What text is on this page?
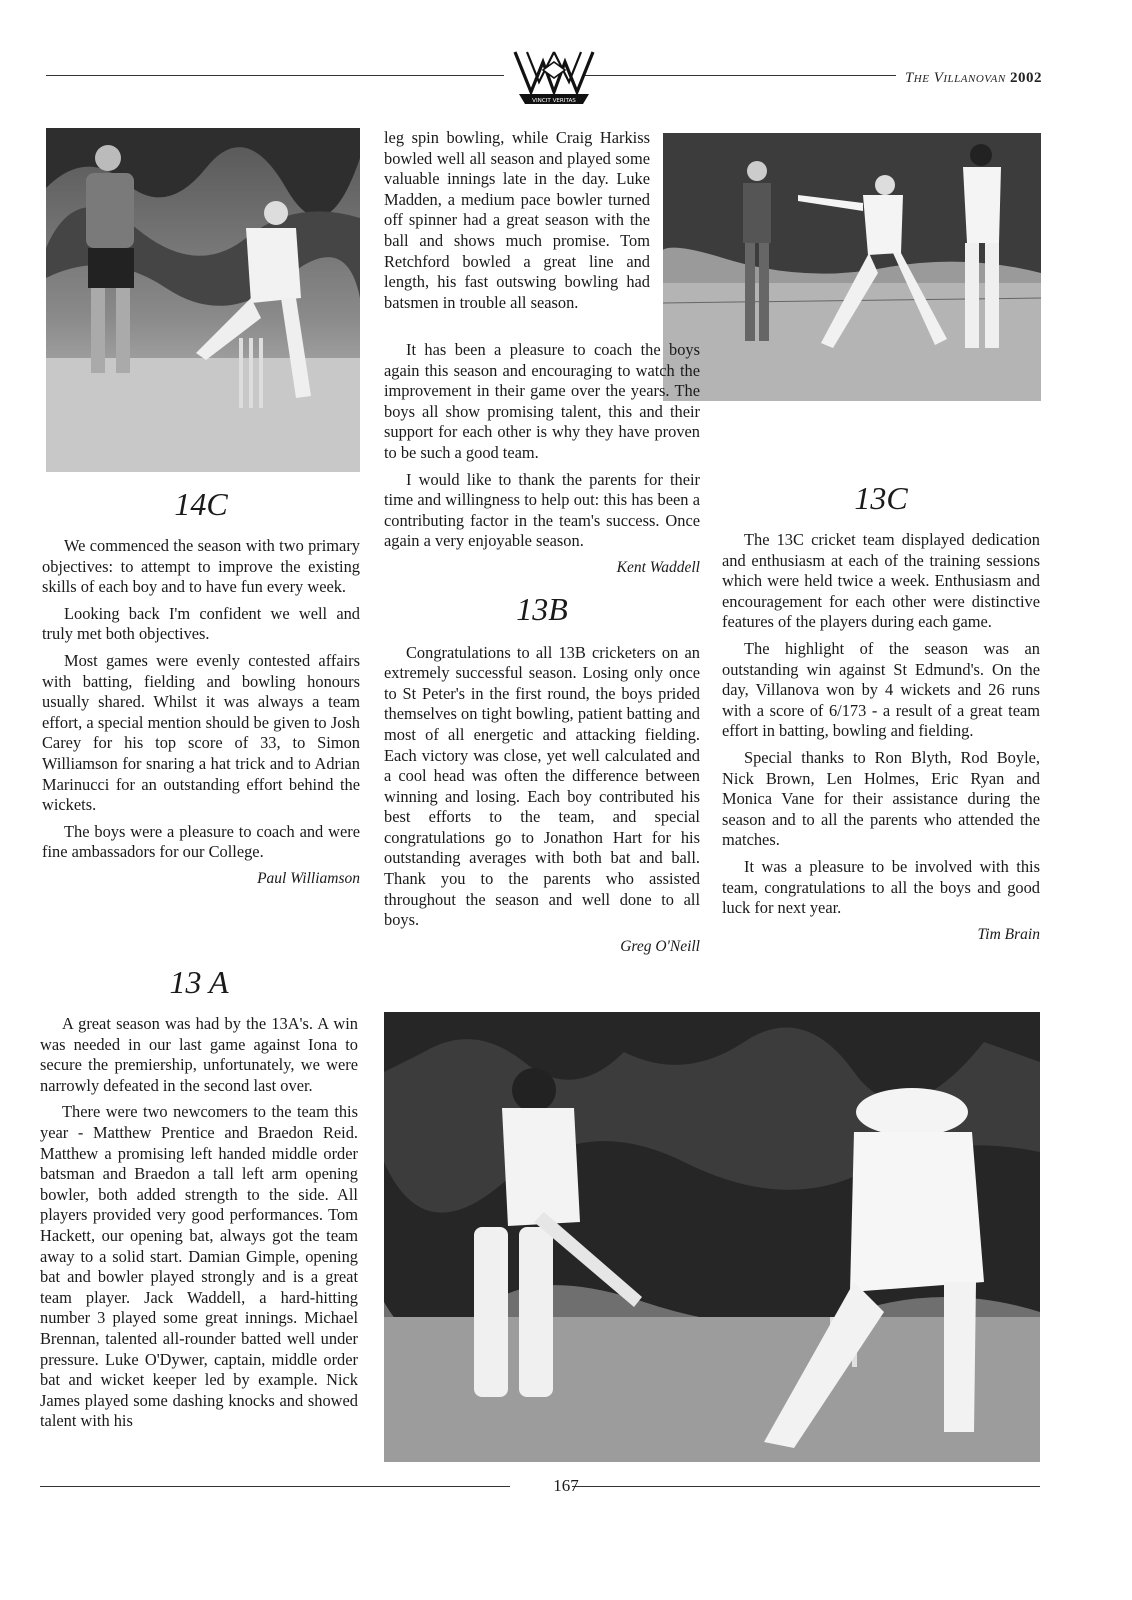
VINCIT VERITAS
The Villanovan 2002
14C

We commenced the season with two primary objectives: to attempt to improve the existing skills of each boy and to have fun every week.

Looking back I'm confident we well and truly met both objectives.

Most games were evenly contested affairs with batting, fielding and bowling honours usually shared. Whilst it was always a team effort, a special mention should be given to Josh Carey for his top score of 33, to Simon Williamson for snaring a hat trick and to Adrian Marinucci for an outstanding effort behind the wickets.

The boys were a pleasure to coach and were fine ambassadors for our College.

Paul Williamson

leg spin bowling, while Craig Harkiss bowled well all season and played some valuable innings late in the day. Luke Madden, a medium pace bowler turned off spinner had a great season with the ball and shows much promise. Tom Retchford bowled a great line and length, his fast outswing bowling had batsmen in trouble all season.

It has been a pleasure to coach the boys again this season and encouraging to watch the improvement in their game over the years. The boys all show promising talent, this and their support for each other is why they have proven to be such a good team.

I would like to thank the parents for their time and willingness to help out: this has been a contributing factor in the team's success. Once again a very enjoyable season.

Kent Waddell
13B

Congratulations to all 13B cricketers on an extremely successful season. Losing only once to St Peter's in the first round, the boys prided themselves on tight bowling, patient batting and most of all energetic and attacking fielding. Each victory was close, yet well calculated and a cool head was often the difference between winning and losing. Each boy contributed his best efforts to the team, and special congratulations go to Jonathon Hart for his outstanding averages with both bat and ball. Thank you to the parents who assisted throughout the season and well done to all boys.

Greg O'Neill
13C

The 13C cricket team displayed dedication and enthusiasm at each of the training sessions which were held twice a week. Enthusiasm and encouragement for each other were distinctive features of the players during each game.

The highlight of the season was an outstanding win against St Edmund's. On the day, Villanova won by 4 wickets and 26 runs with a score of 6/173 - a result of a great team effort in batting, bowling and fielding.

Special thanks to Ron Blyth, Rod Boyle, Nick Brown, Len Holmes, Eric Ryan and Monica Vane for their assistance during the season and to all the parents who attended the matches.

It was a pleasure to be involved with this team, congratulations to all the boys and good luck for next year.

Tim Brain
13 A

A great season was had by the 13A's. A win was needed in our last game against Iona to secure the premiership, unfortunately, we were narrowly defeated in the second last over.

There were two newcomers to the team this year - Matthew Prentice and Braedon Reid. Matthew a promising left handed middle order batsman and Braedon a tall left arm opening bowler, both added strength to the side. All players provided very good performances. Tom Hackett, our opening bat, always got the team away to a solid start. Damian Gimple, opening bat and bowler played strongly and is a great team player. Jack Waddell, a hard-hitting number 3 played some great innings. Michael Brennan, talented all-rounder batted well under pressure. Luke O'Dywer, captain, middle order bat and wicket keeper led by example. Nick James played some dashing knocks and showed talent with his

167
